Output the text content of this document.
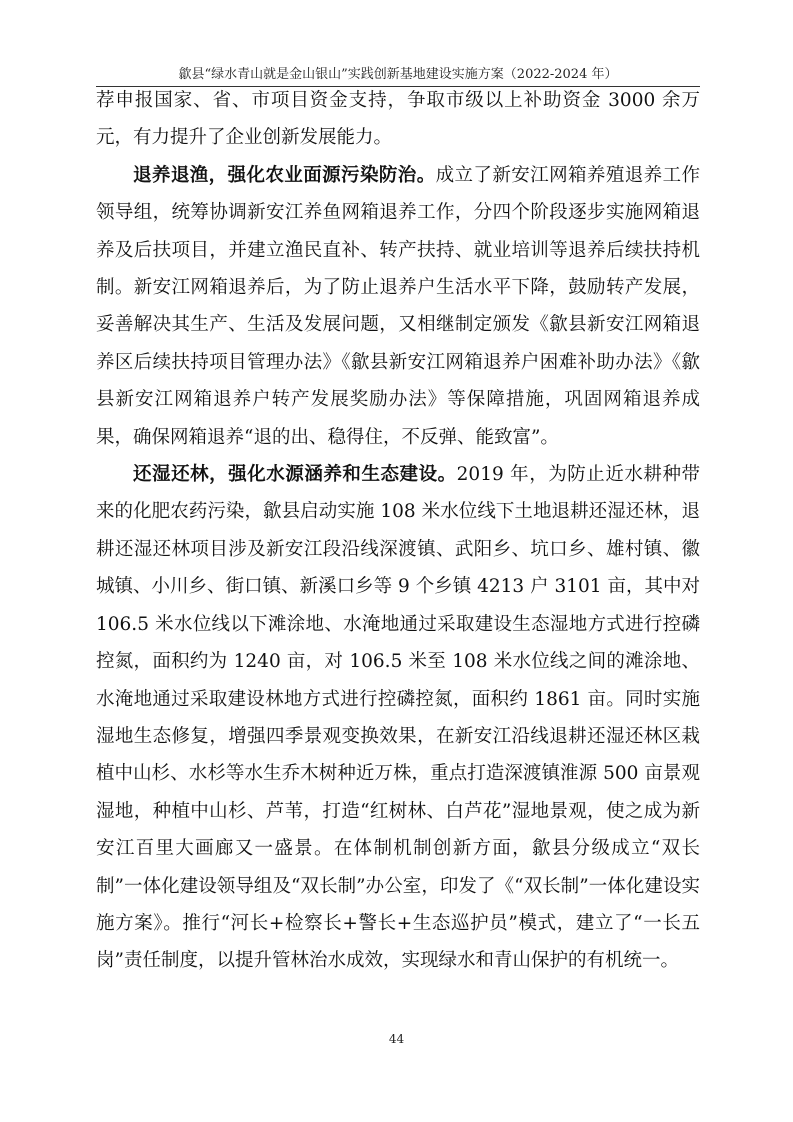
歙县“绿水青山就是金山银山”实践创新基地建设实施方案（2022-2024 年）

荐申报国家、省、市项目资金支持，争取市级以上补助资金 3000 余万元，有力提升了企业创新发展能力。

退养退渔，强化农业面源污染防治。成立了新安江网箱养殖退养工作领导组，统筹协调新安江养鱼网箱退养工作，分四个阶段逐步实施网箱退养及后扶项目，并建立渔民直补、转产扶持、就业培训等退养后续扶持机制。新安江网箱退养后，为了防止退养户生活水平下降，鼓励转产发展，妥善解决其生产、生活及发展问题，又相继制定颁发《歙县新安江网箱退养区后续扶持项目管理办法》《歙县新安江网箱退养户困难补助办法》《歙县新安江网箱退养户转产发展奖励办法》等保障措施，巩固网箱退养成果，确保网箱退养“退的出、稳得住，不反弹、能致富”。

还湿还林，强化水源涵养和生态建设。2019 年，为防止近水耕种带来的化肥农药污染，歙县启动实施 108 米水位线下土地退耕还湿还林，退耕还湿还林项目涉及新安江段沿线深渡镇、武阳乡、坑口乡、雄村镇、徽城镇、小川乡、街口镇、新溪口乡等 9 个乡镇 4213 户 3101 亩，其中对 106.5 米水位线以下滩涂地、水淹地通过采取建设生态湿地方式进行控磷控氮，面积约为 1240 亩，对 106.5 米至 108 米水位线之间的滩涂地、水淹地通过采取建设林地方式进行控磷控氮，面积约 1861 亩。同时实施湿地生态修复，增强四季景观变换效果，在新安江沿线退耕还湿还林区栽植中山杉、水杉等水生乔木树种近万株，重点打造深渡镇淮源 500 亩景观湿地，种植中山杉、芦苇，打造“红树林、白芦花”湿地景观，使之成为新安江百里大画廊又一盛景。在体制机制创新方面，歙县分级成立“双长制”一体化建设领导组及“双长制”办公室，印发了《“双长制”一体化建设实施方案》。推行“河长+检察长+警长+生态巡护员”模式，建立了“一长五岗”责任制度，以提升管林治水成效，实现绿水和青山保护的有机统一。

44
